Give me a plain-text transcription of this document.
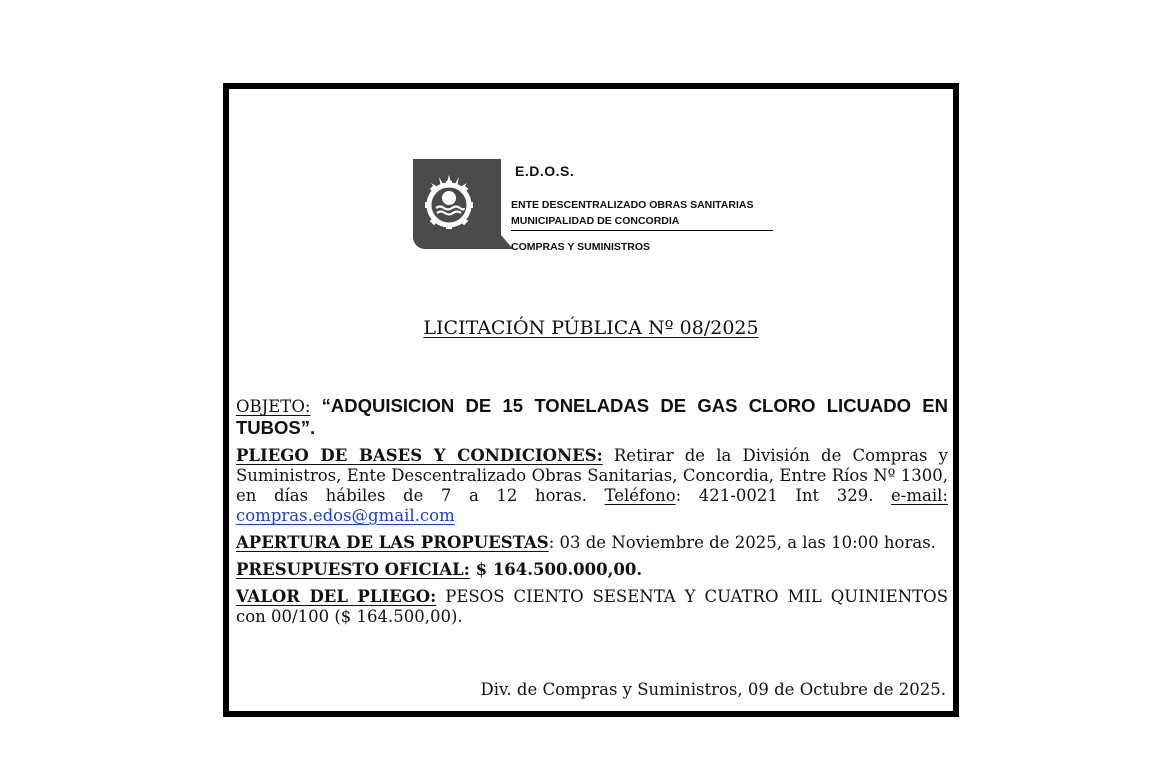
E.D.O.S.
ENTE DESCENTRALIZADO OBRAS SANITARIAS
MUNICIPALIDAD DE CONCORDIA
COMPRAS Y SUMINISTROS
LICITACIÓN PÚBLICA Nº 08/2025

OBJETO: “ADQUISICION DE 15 TONELADAS DE GAS CLORO LICUADO EN TUBOS”.

PLIEGO DE BASES Y CONDICIONES: Retirar de la División de Compras y Suministros, Ente Descentralizado Obras Sanitarias, Concordia, Entre Ríos Nº 1300, en días hábiles de 7 a 12 horas. Teléfono: 421-0021 Int 329. e-mail: compras.edos@gmail.com

APERTURA DE LAS PROPUESTAS: 03 de Noviembre de 2025, a las 10:00 horas.

PRESUPUESTO OFICIAL: $ 164.500.000,00.

VALOR DEL PLIEGO: PESOS CIENTO SESENTA Y CUATRO MIL QUINIENTOS con 00/100 ($ 164.500,00).

Div. de Compras y Suministros, 09 de Octubre de 2025.
